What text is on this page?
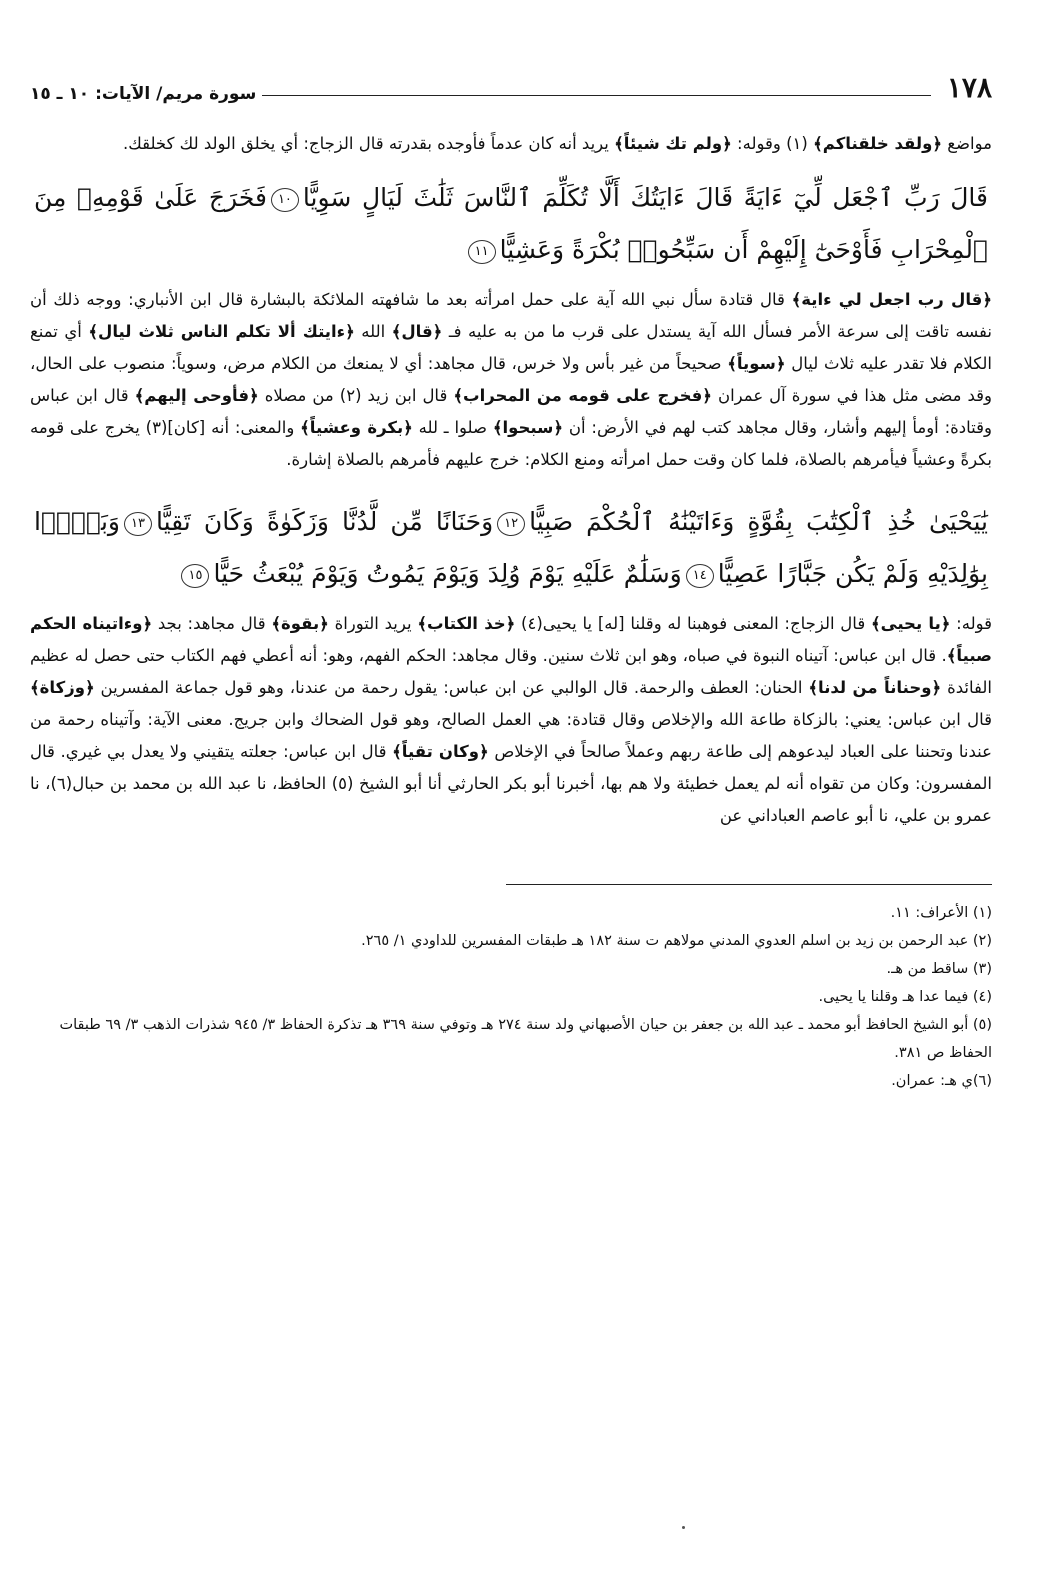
١٧٨
سورة مريم/ الآيات: ١٠ ـ ١٥

مواضع ﴿ولقد خلقناكم﴾ (١) وقوله: ﴿ولم تك شيئاً﴾ يريد أنه كان عدماً فأوجده بقدرته قال الزجاج: أي يخلق الولد لك كخلقك.

قَالَ رَبِّ ٱجْعَل لِّيٓ ءَايَةً قَالَ ءَايَتُكَ أَلَّا تُكَلِّمَ ٱلنَّاسَ ثَلَٰثَ لَيَالٍ سَوِيًّا١٠فَخَرَجَ عَلَىٰ قَوْمِهِۦ مِنَ ٱلْمِحْرَابِ فَأَوْحَىٰٓ إِلَيْهِمْ أَن سَبِّحُوا۟ بُكْرَةً وَعَشِيًّا١١

﴿قال رب اجعل لي ءاية﴾ قال قتادة سأل نبي الله آية على حمل امرأته بعد ما شافهته الملائكة بالبشارة قال ابن الأنباري: ووجه ذلك أن نفسه تاقت إلى سرعة الأمر فسأل الله آية يستدل على قرب ما من به عليه فـ ﴿قال﴾ الله ﴿ءايتك ألا تكلم الناس ثلاث ليال﴾ أي تمنع الكلام فلا تقدر عليه ثلاث ليال ﴿سوياً﴾ صحيحاً من غير بأس ولا خرس، قال مجاهد: أي لا يمنعك من الكلام مرض، وسوياً: منصوب على الحال، وقد مضى مثل هذا في سورة آل عمران ﴿فخرج على قومه من المحراب﴾ قال ابن زيد (٢) من مصلاه ﴿فأوحى إليهم﴾ قال ابن عباس وقتادة: أومأ إليهم وأشار، وقال مجاهد كتب لهم في الأرض: أن ﴿سبحوا﴾ صلوا ـ لله ﴿بكرة وعشياً﴾ والمعنى: أنه [كان](٣) يخرج على قومه بكرةً وعشياً فيأمرهم بالصلاة، فلما كان وقت حمل امرأته ومنع الكلام: خرج عليهم فأمرهم بالصلاة إشارة.

يَٰيَحْيَىٰ خُذِ ٱلْكِتَٰبَ بِقُوَّةٍ وَءَاتَيْنَٰهُ ٱلْحُكْمَ صَبِيًّا١٢وَحَنَانًا مِّن لَّدُنَّا وَزَكَوٰةً وَكَانَ تَقِيًّا١٣وَبَرًّۢا بِوَٰلِدَيْهِ وَلَمْ يَكُن جَبَّارًا عَصِيًّا١٤وَسَلَٰمٌ عَلَيْهِ يَوْمَ وُلِدَ وَيَوْمَ يَمُوتُ وَيَوْمَ يُبْعَثُ حَيًّا١٥

قوله: ﴿يا يحيى﴾ قال الزجاج: المعنى فوهبنا له وقلنا [له] يا يحيى(٤) ﴿خذ الكتاب﴾ يريد التوراة ﴿بقوة﴾ قال مجاهد: بجد ﴿وءاتيناه الحكم صبياً﴾. قال ابن عباس: آتيناه النبوة في صباه، وهو ابن ثلاث سنين. وقال مجاهد: الحكم الفهم، وهو: أنه أعطي فهم الكتاب حتى حصل له عظيم الفائدة ﴿وحناناً من لدنا﴾ الحنان: العطف والرحمة. قال الوالبي عن ابن عباس: يقول رحمة من عندنا، وهو قول جماعة المفسرين ﴿وزكاة﴾ قال ابن عباس: يعني: بالزكاة طاعة الله والإخلاص وقال قتادة: هي العمل الصالح، وهو قول الضحاك وابن جريج. معنى الآية: وآتيناه رحمة من عندنا وتحننا على العباد ليدعوهم إلى طاعة ربهم وعملاً صالحاً في الإخلاص ﴿وكان تقياً﴾ قال ابن عباس: جعلته يتقيني ولا يعدل بي غيري. قال المفسرون: وكان من تقواه أنه لم يعمل خطيئة ولا هم بها، أخبرنا أبو بكر الحارثي أنا أبو الشيخ (٥) الحافظ، نا عبد الله بن محمد بن حبال(٦)، نا عمرو بن علي، نا أبو عاصم العباداني عن

(١) الأعراف: ١١.

(٢) عبد الرحمن بن زيد بن اسلم العدوي المدني مولاهم ت سنة ١٨٢ هـ طبقات المفسرين للداودي ١/ ٢٦٥.

(٣) ساقط من هـ.

(٤) فيما عدا هـ وقلنا يا يحيى.

(٥) أبو الشيخ الحافظ أبو محمد ـ عبد الله بن جعفر بن حيان الأصبهاني ولد سنة ٢٧٤ هـ وتوفي سنة ٣٦٩ هـ تذكرة الحفاظ ٣/ ٩٤٥ شذرات الذهب ٣/ ٦٩ طبقات الحفاظ ص ٣٨١.

(٦)ي هـ: عمران.
